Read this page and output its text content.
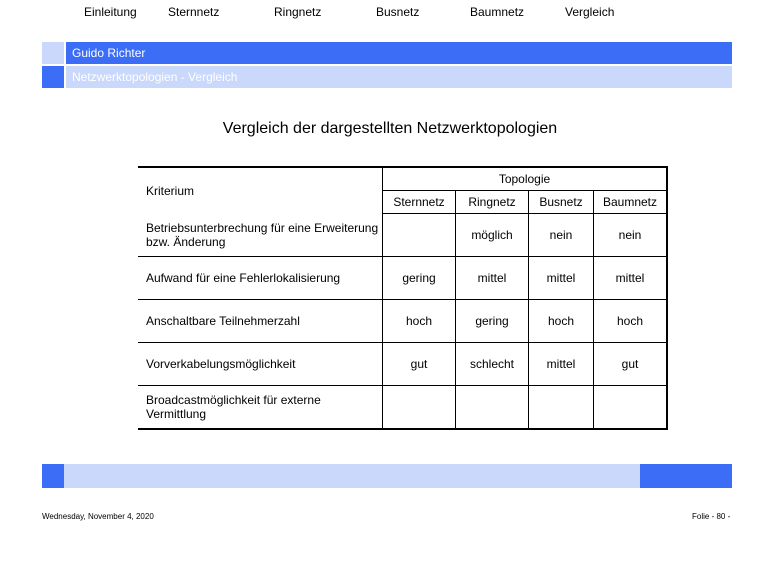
Guido Richter
Netzwerktopologien - Vergleich
Vergleich der dargestellten Netzwerktopologien
Kriterium	Topologie			
	Sternnetz	Ringnetz	Busnetz	Baumnetz
Betriebsunterbrechung für eine Erweiterung bzw. Änderung		möglich	nein	nein
Aufwand für eine Fehlerlokalisierung	gering	mittel	mittel	mittel
Anschaltbare Teilnehmerzahl	hoch	gering	hoch	hoch
Vorverkabelungsmöglichkeit	gut	schlecht	mittel	gut
Broadcastmöglichkeit für externe Vermittlung				
Einleitung	Sternnetz	Ringnetz	Busnetz	Baumnetz	Vergleich	Backbone
Wednesday, November 4, 2020	Folie - 80 -
